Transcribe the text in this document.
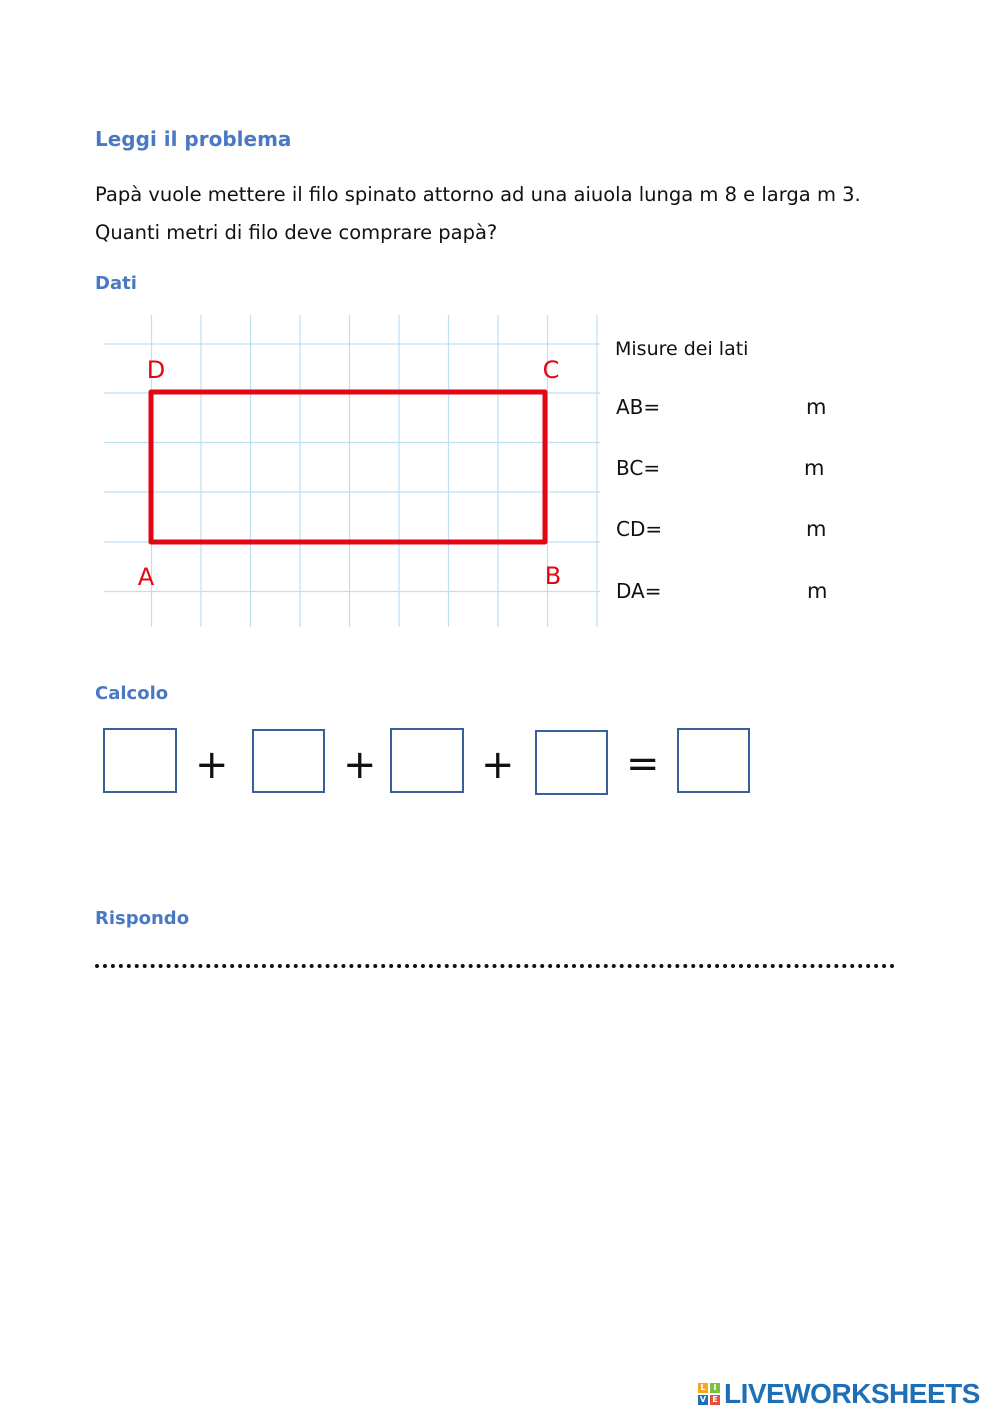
Leggi il problema
Papà vuole mettere il filo spinato attorno ad una aiuola lunga m 8 e larga m 3. Quanti metri di filo deve comprare papà?
Dati
D	C
A	B
Misure dei lati
AB=	m
BC=	m
CD=	m
DA=	m
Calcolo
+	+	+	=
Rispondo
L I
V E LIVEWORKSHEETS
